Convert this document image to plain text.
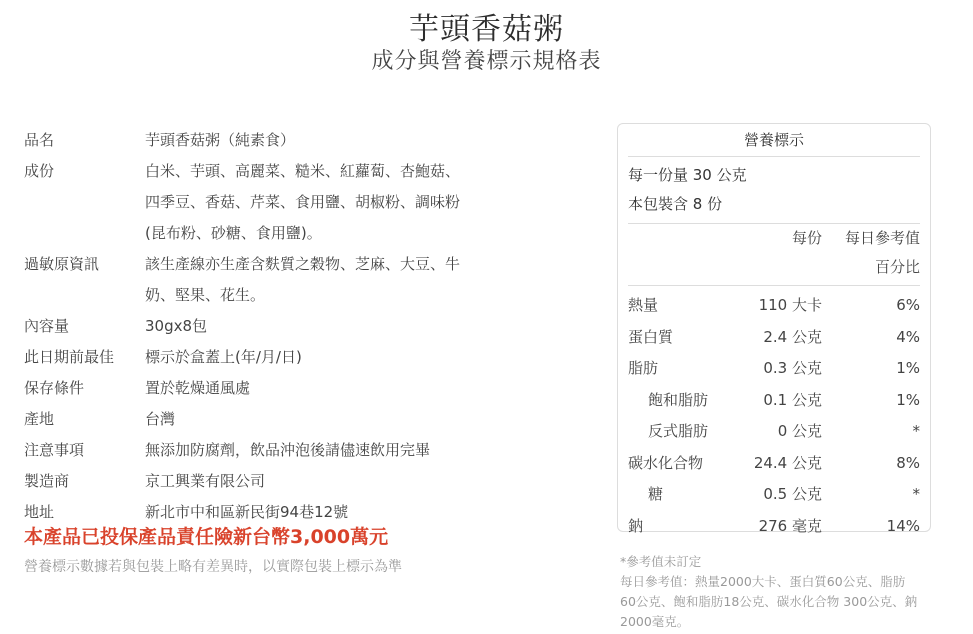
芋頭香菇粥
成分與營養標示規格表
品名	芋頭香菇粥（純素食）
成份	白米、芋頭、高麗菜、糙米、紅蘿蔔、杏鮑菇、
四季豆、香菇、芹菜、食用鹽、胡椒粉、調味粉
(昆布粉、砂糖、食用鹽)。
過敏原資訊	該生產線亦生產含麩質之穀物、芝麻、大豆、牛
奶、堅果、花生。
內容量	30gx8包
此日期前最佳	標示於盒蓋上(年/月/日)
保存條件	置於乾燥通風處
產地	台灣
注意事項	無添加防腐劑，飲品沖泡後請儘速飲用完畢
製造商	京工興業有限公司
地址	新北市中和區新民街94巷12號
本產品已投保產品責任險新台幣3,000萬元
營養標示數據若與包裝上略有差異時，以實際包裝上標示為準
營養標示
每一份量 30 公克
本包裝含 8 份
每份	每日參考值
百分比
熱量	110 大卡	6%
蛋白質	2.4 公克	4%
脂肪	0.3 公克	1%
飽和脂肪	0.1 公克	1%
反式脂肪	0 公克	*
碳水化合物	24.4 公克	8%
糖	0.5 公克	*
鈉	276 毫克	14%
*參考值未訂定
每日參考值：熱量2000大卡、蛋白質60公克、脂肪
60公克、飽和脂肪18公克、碳水化合物 300公克、鈉
2000毫克。
